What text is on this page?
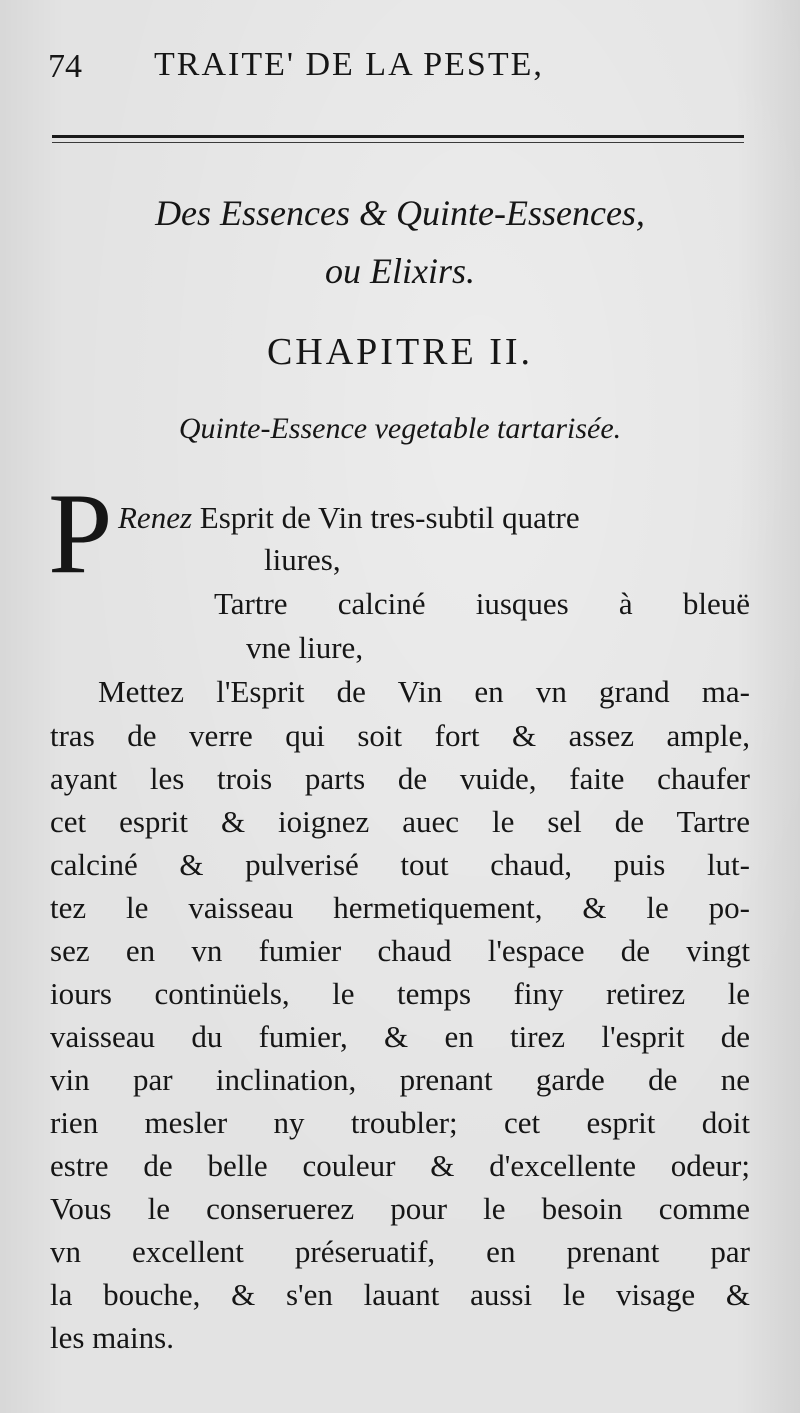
74 TRAITE' DE LA PESTE,
Des Essences & Quinte-Essences,
ou Elixirs.
CHAPITRE II.
Quinte-Essence vegetable tartarisée.
P Renez Esprit de Vin tres-subtil quatre
liures,
Tartre calciné iusques à bleuë
vne liure,
Mettez l'Esprit de Vin en vn grand ma-
tras de verre qui soit fort & assez ample,
ayant les trois parts de vuide, faite chaufer
cet esprit & ioignez auec le sel de Tartre
calciné & pulverisé tout chaud, puis lut-
tez le vaisseau hermetiquement, & le po-
sez en vn fumier chaud l'espace de vingt
iours continüels, le temps finy retirez le
vaisseau du fumier, & en tirez l'esprit de
vin par inclination, prenant garde de ne
rien mesler ny troubler; cet esprit doit
estre de belle couleur & d'excellente odeur;
Vous le conseruerez pour le besoin comme
vn excellent préseruatif, en prenant par
la bouche, & s'en lauant aussi le visage &
les mains.
